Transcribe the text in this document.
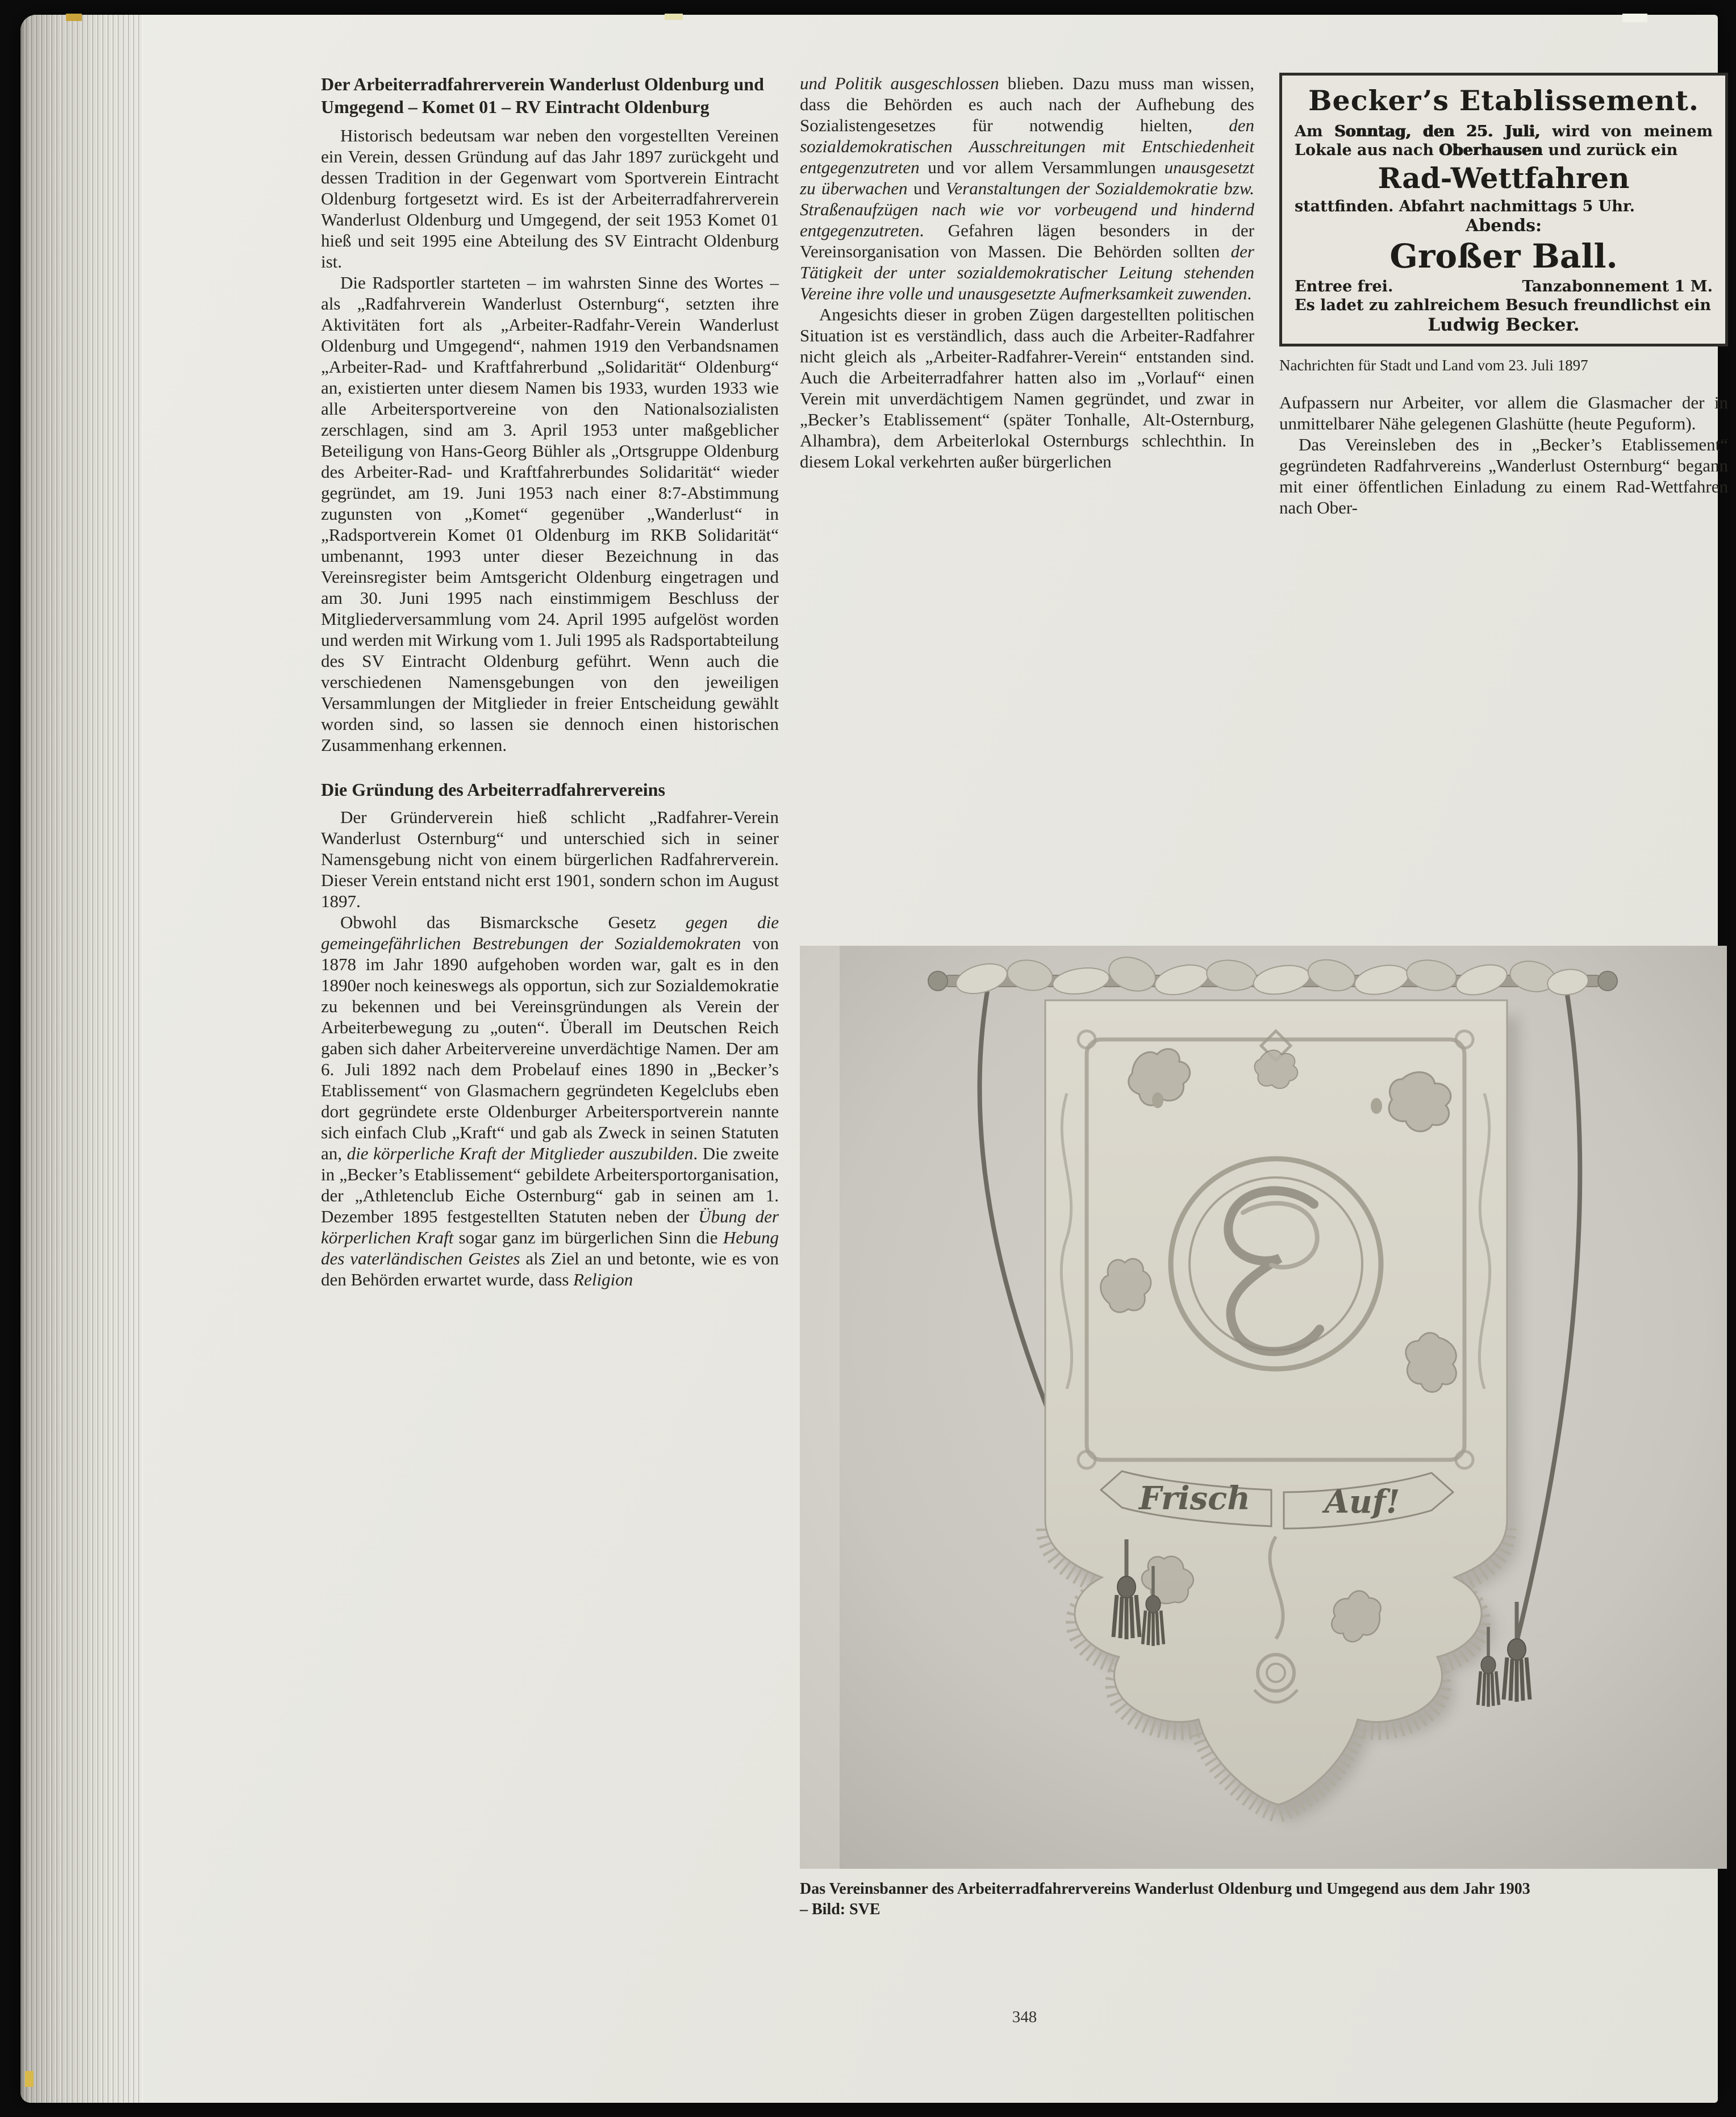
Der Arbeiterradfahrerverein Wanderlust Oldenburg und Umgegend – Komet 01 – RV Eintracht Oldenburg

Historisch bedeutsam war neben den vorgestellten Vereinen ein Verein, dessen Gründung auf das Jahr 1897 zurückgeht und dessen Tradition in der Gegenwart vom Sportverein Eintracht Oldenburg fortgesetzt wird. Es ist der Arbeiterradfahrerverein Wanderlust Oldenburg und Umgegend, der seit 1953 Komet 01 hieß und seit 1995 eine Abteilung des SV Eintracht Oldenburg ist.

Die Radsportler starteten – im wahrsten Sinne des Wortes – als „Radfahrverein Wanderlust Osternburg“, setzten ihre Aktivitäten fort als „Arbeiter-Radfahr-Verein Wanderlust Oldenburg und Umgegend“, nahmen 1919 den Verbandsnamen „Arbeiter-Rad- und Kraftfahrerbund „Solidarität“ Oldenburg“ an, existierten unter diesem Namen bis 1933, wurden 1933 wie alle Arbeitersportvereine von den Nationalsozialisten zerschlagen, sind am 3. April 1953 unter maßgeblicher Beteiligung von Hans-Georg Bühler als „Ortsgruppe Oldenburg des Arbeiter-Rad- und Kraftfahrerbundes Solidarität“ wieder gegründet, am 19. Juni 1953 nach einer 8:7-Abstimmung zugunsten von „Komet“ gegenüber „Wanderlust“ in „Radsportverein Komet 01 Oldenburg im RKB Solidarität“ umbenannt, 1993 unter dieser Bezeichnung in das Vereinsregister beim Amtsgericht Oldenburg eingetragen und am 30. Juni 1995 nach einstimmigem Beschluss der Mitgliederversammlung vom 24. April 1995 aufgelöst worden und werden mit Wirkung vom 1. Juli 1995 als Radsportabteilung des SV Eintracht Oldenburg geführt. Wenn auch die verschiedenen Namensgebungen von den jeweiligen Versammlungen der Mitglieder in freier Entscheidung gewählt worden sind, so lassen sie dennoch einen historischen Zusammenhang erkennen.

Die Gründung des Arbeiterradfahrervereins

Der Gründerverein hieß schlicht „Radfahrer-Verein Wanderlust Osternburg“ und unterschied sich in seiner Namensgebung nicht von einem bürgerlichen Radfahrerverein. Dieser Verein entstand nicht erst 1901, sondern schon im August 1897.

Obwohl das Bismarcksche Gesetz gegen die gemeingefährlichen Bestrebungen der Sozialdemokraten von 1878 im Jahr 1890 aufgehoben worden war, galt es in den 1890er noch keineswegs als opportun, sich zur Sozialdemokratie zu bekennen und bei Vereinsgründungen als Verein der Arbeiterbewegung zu „outen“. Überall im Deutschen Reich gaben sich daher Arbeitervereine unverdächtige Namen. Der am 6. Juli 1892 nach dem Probelauf eines 1890 in „Becker’s Etablissement“ von Glasmachern gegründeten Kegelclubs eben dort gegründete erste Oldenburger Arbeitersportverein nannte sich einfach Club „Kraft“ und gab als Zweck in seinen Statuten an, die körperliche Kraft der Mitglieder auszubilden. Die zweite in „Becker’s Etablissement“ gebildete Arbeitersportorganisation, der „Athletenclub Eiche Osternburg“ gab in seinen am 1. Dezember 1895 festgestellten Statuten neben der Übung der körperlichen Kraft sogar ganz im bürgerlichen Sinn die Hebung des vaterländischen Geistes als Ziel an und betonte, wie es von den Behörden erwartet wurde, dass Religion

und Politik ausgeschlossen blieben. Dazu muss man wissen, dass die Behörden es auch nach der Aufhebung des Sozialistengesetzes für notwendig hielten, den sozialdemokratischen Ausschreitungen mit Entschiedenheit entgegenzutreten und vor allem Versammlungen unausgesetzt zu überwachen und Veranstaltungen der Sozialdemokratie bzw. Straßenaufzügen nach wie vor vorbeugend und hindernd entgegenzutreten. Gefahren lägen besonders in der Vereinsorganisation von Massen. Die Behörden sollten der Tätigkeit der unter sozialdemokratischer Leitung stehenden Vereine ihre volle und unausgesetzte Aufmerksamkeit zuwenden.

Angesichts dieser in groben Zügen dargestellten politischen Situation ist es verständlich, dass auch die Arbeiter-Radfahrer nicht gleich als „Arbeiter-Radfahrer-Verein“ entstanden sind. Auch die Arbeiterradfahrer hatten also im „Vorlauf“ einen Verein mit unverdächtigem Namen gegründet, und zwar in „Becker’s Etablissement“ (später Tonhalle, Alt-Osternburg, Alhambra), dem Arbeiterlokal Osternburgs schlechthin. In diesem Lokal verkehrten außer bürgerlichen

Becker’s Etablissement.
Am Sonntag, den 25. Juli, wird von meinem Lokale aus nach Oberhausen und zurück ein
Rad-Wettfahren
stattfinden. Abfahrt nachmittags 5 Uhr.
Abends:
Großer Ball.
Entree frei.	Tanzabonnement 1 M.
Es ladet zu zahlreichem Besuch freundlichst ein
Ludwig Becker.
Nachrichten für Stadt und Land vom 23. Juli 1897

Aufpassern nur Arbeiter, vor allem die Glasmacher der in unmittelbarer Nähe gelegenen Glashütte (heute Peguform).

Das Vereinsleben des in „Becker’s Etablissement“ gegründeten Radfahrvereins „Wanderlust Osternburg“ begann mit einer öffentlichen Einladung zu einem Rad-Wettfahren nach Ober-

Frisch Auf!
Das Vereinsbanner des Arbeiterradfahrervereins Wanderlust Oldenburg und Umgegend aus dem Jahr 1903
– Bild: SVE
348
